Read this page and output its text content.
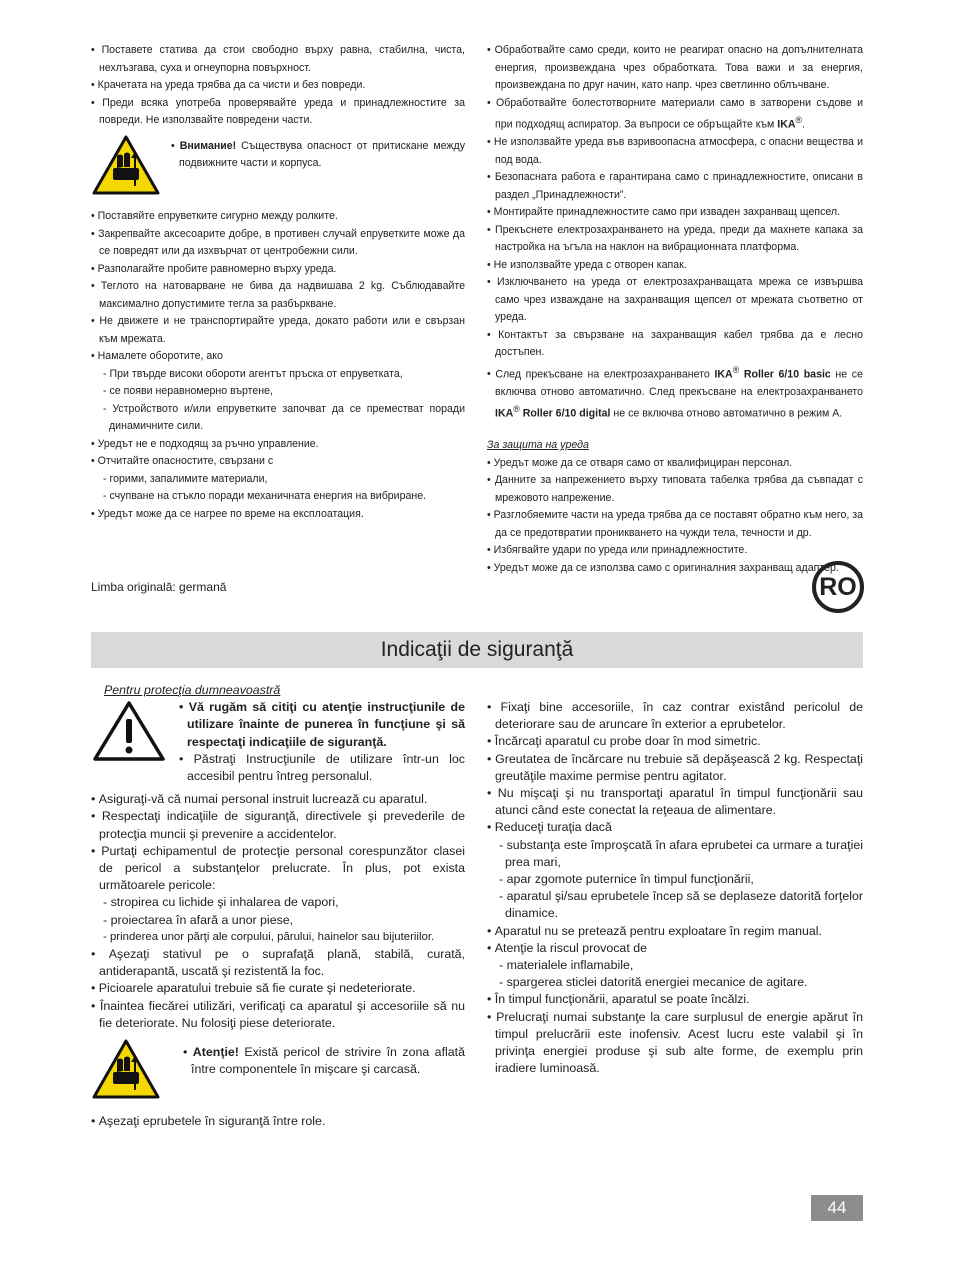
• Поставете статива да стои свободно върху равна, стабилна, чиста, нехлъзгава, суха и огнеупорна повърхност.
• Крачетата на уреда трябва да са чисти и без повреди.
• Преди всяка употреба проверявайте уреда и принадлежностите за повреди. Не използвайте повредени части.
• Внимание! Съществува опасност от притискане между подвижните части и корпуса.
• Поставяйте епруветките сигурно между ролките.
• Закрепвайте аксесоарите добре, в противен случай епруветките може да се повредят или да изхвърчат от центробежни сили.
• Разполагайте пробите равномерно върху уреда.
• Теглото на натоварване не бива да надвишава 2 kg. Съблюдавайте максимално допустимите тегла за разбъркване.
• Не движете и не транспортирайте уреда, докато работи или е свързан към мрежата.
• Намалете оборотите, ако
- При твърде високи обороти агентът пръска от епруветката,
- се появи неравномерно въртене,
- Устройството и/или епруветките започват да се преместват поради динамичните сили.
• Уредът не е подходящ за ръчно управление.
• Отчитайте опасностите, свързани с
- горими, запалимите материали,
- счупване на стъкло поради механичната енергия на вибриране.
• Уредът може да се нагрее по време на експлоатация.
• Обработвайте само среди, които не реагират опасно на допълнителната енергия, произвеждана чрез обработката. Това важи и за енергия, произвеждана по друг начин, като напр. чрез светлинно облъчване.
• Обработвайте болестотворните материали само в затворени съдове и при подходящ аспиратор. За въпроси се обръщайте към IKA®.
• Не използвайте уреда във взривоопасна атмосфера, с опасни вещества и под вода.
• Безопасната работа е гарантирана само с принадлежностите, описани в раздел „Принадлежности”.
• Монтирайте принадлежностите само при изваден захранващ щепсел.
• Прекъснете електрозахранването на уреда, преди да махнете капака за настройка на ъгъла на наклон на вибрационната платформа.
• Не използвайте уреда с отворен капак.
• Изключването на уреда от електрозахранващата мрежа се извършва само чрез изваждане на захранващия щепсел от мрежата съответно от уреда.
• Контактът за свързване на захранващия кабел трябва да е лесно достъпен.
• След прекъсване на електрозахранването IKA® Roller 6/10 basic не се включва отново автоматично. След прекъсване на електрозахранването IKA® Roller 6/10 digital не се включва отново автоматично в режим А.
За защита на уреда
• Уредът може да се отваря само от квалифициран персонал.
• Данните за напрежението върху типовата табелка трябва да съвпадат с мрежовото напрежение.
• Разглобяемите части на уреда трябва да се поставят обратно към него, за да се предотвратии проникването на чужди тела, течности и др.
• Избягвайте удари по уреда или принадлежностите.
• Уредът може да се използва само с оригиналния захранващ адаптер.
Limba originală: germană	RO
Indicaţii de siguranţă
Pentru protecţia dumneavoastră
• Vă rugăm să citiţi cu atenţie instrucţiunile de utilizare înainte de punerea în funcţiune şi să respectaţi indicaţiile de siguranţă.
• Păstraţi Instrucţiunile de utilizare într-un loc accesibil pentru întreg personalul.
• Asiguraţi-vă că numai personal instruit lucrează cu aparatul.
• Respectaţi indicaţiile de siguranţă, directivele şi prevederile de protecţia muncii şi prevenire a accidentelor.
• Purtaţi echipamentul de protecţie personal corespunzător clasei de pericol a substanţelor prelucrate. În plus, pot exista următoarele pericole:
- stropirea cu lichide şi inhalarea de vapori,
- proiectarea în afară a unor piese,
- prinderea unor părţi ale corpului, părului, hainelor sau bijuteriilor.
• Aşezaţi stativul pe o suprafaţă plană, stabilă, curată, antiderapantă, uscată şi rezistentă la foc.
• Picioarele aparatului trebuie să fie curate şi nedeteriorate.
• Înaintea fiecărei utilizări, verificaţi ca aparatul şi accesoriile să nu fie deteriorate. Nu folosiţi piese deteriorate.
• Atenţie! Există pericol de strivire în zona aflată între componentele în mişcare şi carcasă.
• Aşezaţi eprubetele în siguranţă între role.
• Fixaţi bine accesoriile, în caz contrar existând pericolul de deteriorare sau de aruncare în exterior a eprubetelor.
• Încărcaţi aparatul cu probe doar în mod simetric.
• Greutatea de încărcare nu trebuie să depăşească 2 kg. Respectaţi greutăţile maxime permise pentru agitator.
• Nu mişcaţi şi nu transportaţi aparatul în timpul funcţionării sau atunci când este conectat la reţeaua de alimentare.
• Reduceţi turaţia dacă
- substanţa este împroşcată în afara eprubetei ca urmare a turaţiei prea mari,
- apar zgomote puternice în timpul funcţionării,
- aparatul şi/sau eprubetele încep să se deplaseze datorită forţelor dinamice.
• Aparatul nu se pretează pentru exploatare în regim manual.
• Atenţie la riscul provocat de
- materialele inflamabile,
- spargerea sticlei datorită energiei mecanice de agitare.
• În timpul funcţionării, aparatul se poate încălzi.
• Prelucraţi numai substanţe la care surplusul de energie apărut în timpul prelucrării este inofensiv. Acest lucru este valabil şi în privinţa energiei produse şi sub alte forme, de exemplu prin iradiere luminoasă.
44
